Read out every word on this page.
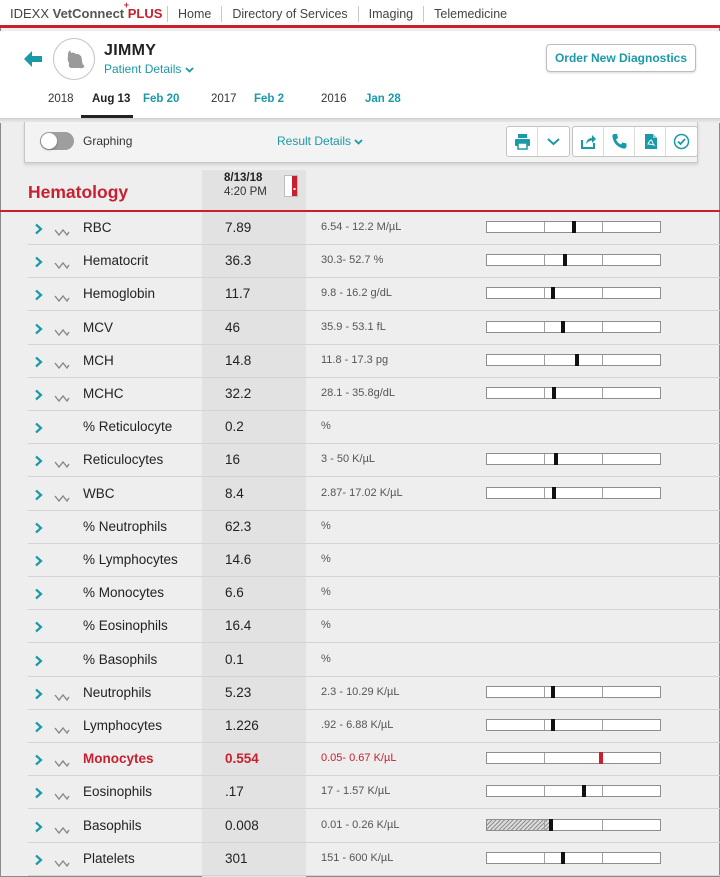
IDEXX VetConnect
+
PLUS	Home	Directory of Services	Imaging	Telemedicine
JIMMY
Patient Details
Order New Diagnostics
2018 Aug 13 Feb 20	2017 Feb 2	2016 Jan 28
Graphing	Result Details
Hematology
8/13/18
4:20 PM
RBC	7.89	6.54 - 12.2 M/µL
Hematocrit	36.3	30.3- 52.7 %
Hemoglobin	11.7	9.8 - 16.2 g/dL
MCV	46	35.9 - 53.1 fL
MCH	14.8	11.8 - 17.3 pg
MCHC	32.2	28.1 - 35.8g/dL
% Reticulocyte	0.2	%
Reticulocytes	16	3 - 50 K/µL
WBC	8.4	2.87- 17.02 K/µL
% Neutrophils	62.3	%
% Lymphocytes	14.6	%
% Monocytes	6.6	%
% Eosinophils	16.4	%
% Basophils	0.1	%
Neutrophils	5.23	2.3 - 10.29 K/µL
Lymphocytes	1.226	.92 - 6.88 K/µL
Monocytes	0.554	0.05- 0.67 K/µL
Eosinophils	.17	17 - 1.57 K/µL
Basophils	0.008	0.01 - 0.26 K/µL
Platelets	301	151 - 600 K/µL
